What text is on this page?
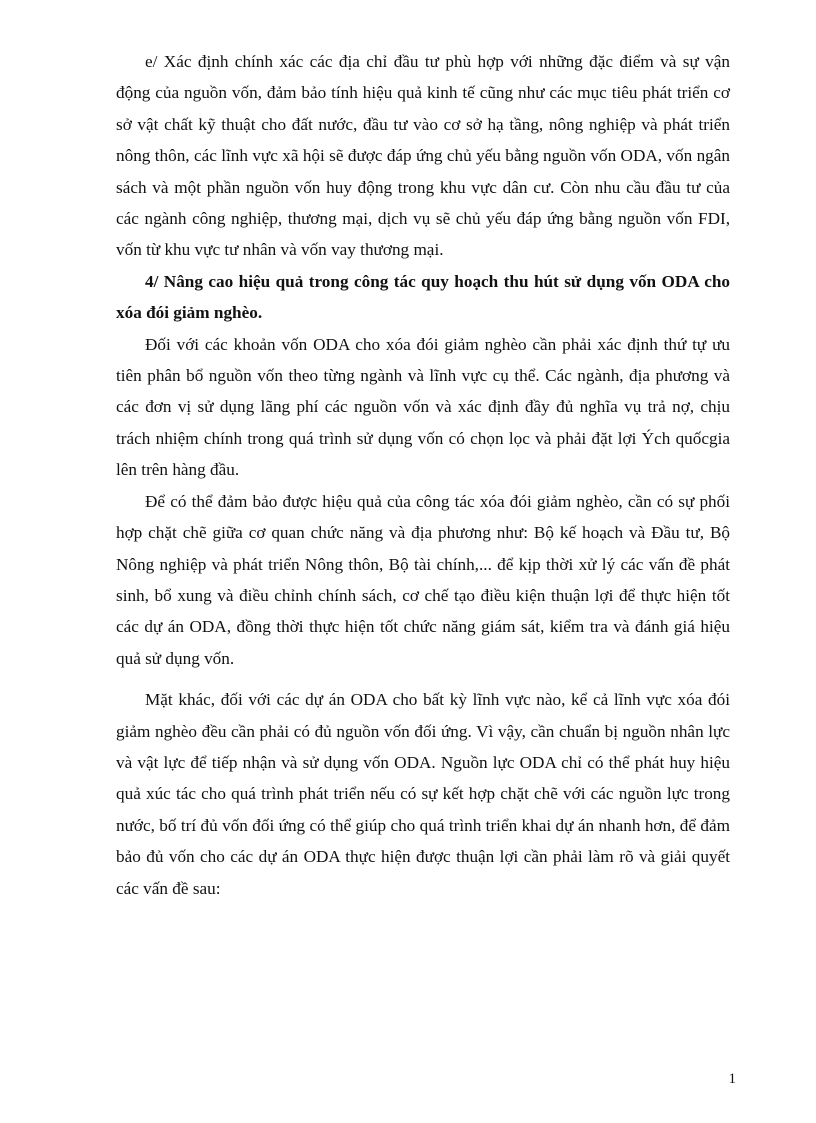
e/ Xác định chính xác các địa chỉ đầu tư phù hợp với những đặc điểm và sự vận động của nguồn vốn, đảm bảo tính hiệu quả kinh tế cũng như các mục tiêu phát triển cơ sở vật chất kỹ thuật cho đất nước, đầu tư vào cơ sở hạ tầng, nông nghiệp và phát triển nông thôn, các lĩnh vực xã hội sẽ được đáp ứng chủ yếu bằng nguồn vốn ODA, vốn ngân sách và một phần nguồn vốn huy động trong khu vực dân cư. Còn nhu cầu đầu tư của các ngành công nghiệp, thương mại, dịch vụ sẽ chủ yếu đáp ứng bằng nguồn vốn FDI, vốn từ khu vực tư nhân và vốn vay thương mại.

4/ Nâng cao hiệu quả trong công tác quy hoạch thu hút sử dụng vốn ODA cho xóa đói giảm nghèo.

Đối với các khoản vốn ODA cho xóa đói giảm nghèo cần phải xác định thứ tự ưu tiên phân bổ nguồn vốn theo từng ngành và lĩnh vực cụ thể. Các ngành, địa phương và các đơn vị sử dụng lãng phí các nguồn vốn và xác định đầy đủ nghĩa vụ trả nợ, chịu trách nhiệm chính trong quá trình sử dụng vốn có chọn lọc và phải đặt lợi Ých quốcgia lên trên hàng đầu.

Để có thể đảm bảo được hiệu quả của công tác xóa đói giảm nghèo, cần có sự phối hợp chặt chẽ giữa cơ quan chức năng và địa phương như: Bộ kế hoạch và Đầu tư, Bộ Nông nghiệp và phát triển Nông thôn, Bộ tài chính,... để kịp thời xử lý các vấn đề phát sinh, bổ xung và điều chỉnh chính sách, cơ chế tạo điều kiện thuận lợi để thực hiện tốt các dự án ODA, đồng thời thực hiện tốt chức năng giám sát, kiểm tra và đánh giá hiệu quả sử dụng vốn.

Mặt khác, đối với các dự án ODA cho bất kỳ lĩnh vực nào, kể cả lĩnh vực xóa đói giảm nghèo đều cần phải có đủ nguồn vốn đối ứng. Vì vậy, cần chuẩn bị nguồn nhân lực và vật lực để tiếp nhận và sử dụng vốn ODA. Nguồn lực ODA chỉ có thể phát huy hiệu quả xúc tác cho quá trình phát triển nếu có sự kết hợp chặt chẽ với các nguồn lực trong nước, bố trí đủ vốn đối ứng có thể giúp cho quá trình triển khai dự án nhanh hơn, để đảm bảo đủ vốn cho các dự án ODA thực hiện được thuận lợi cần phải làm rõ và giải quyết các vấn đề sau:

1
